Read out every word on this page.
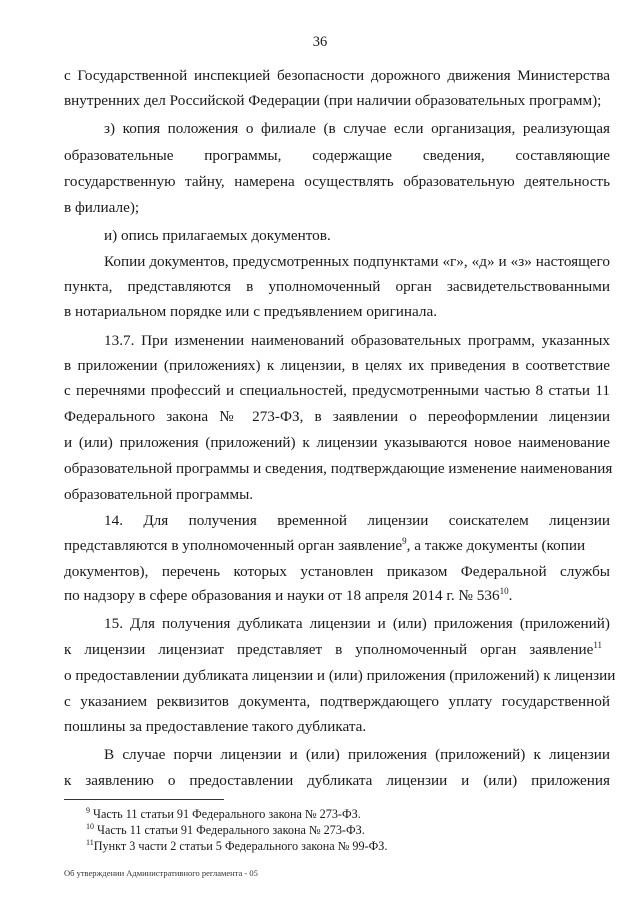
36
с Государственной инспекцией безопасности дорожного движения Министерства
внутренних дел Российской Федерации (при наличии образовательных программ);
з) копия положения о филиале (в случае если организация, реализующая
образовательные программы, содержащие сведения, составляющие
государственную тайну, намерена осуществлять образовательную деятельность
в филиале);
и) опись прилагаемых документов.
Копии документов, предусмотренных подпунктами «г», «д» и «з» настоящего
пункта, представляются в уполномоченный орган засвидетельствованными
в нотариальном порядке или с предъявлением оригинала.
13.7. При изменении наименований образовательных программ, указанных
в приложении (приложениях) к лицензии, в целях их приведения в соответствие
с перечнями профессий и специальностей, предусмотренными частью 8 статьи 11
Федерального закона № 273-ФЗ, в заявлении о переоформлении лицензии
и (или) приложения (приложений) к лицензии указываются новое наименование
образовательной программы и сведения, подтверждающие изменение наименования
образовательной программы.
14. Для получения временной лицензии соискателем лицензии
представляются в уполномоченный орган заявление$^9$, а также документы (копии
документов), перечень которых установлен приказом Федеральной службы
по надзору в сфере образования и науки от 18 апреля 2014 г. № $536^{10}$.
15. Для получения дубликата лицензии и (или) приложения (приложений)
к лицензии лицензиат представляет в уполномоченный орган заявление$^{11}$
о предоставлении дубликата лицензии и (или) приложения (приложений) к лицензии
с указанием реквизитов документа, подтверждающего уплату государственной
пошлины за предоставление такого дубликата.
В случае порчи лицензии и (или) приложения (приложений) к лицензии
к заявлению о предоставлении дубликата лицензии и (или) приложения
$^9$ Часть 11 статьи 91 Федерального закона № 273-ФЗ.
$^{10}$ Часть 11 статьи 91 Федерального закона № 273-ФЗ.
$^{11}$Пункт 3 части 2 статьи 5 Федерального закона № 99-ФЗ.
Об утверждении Административного регламента - 05
